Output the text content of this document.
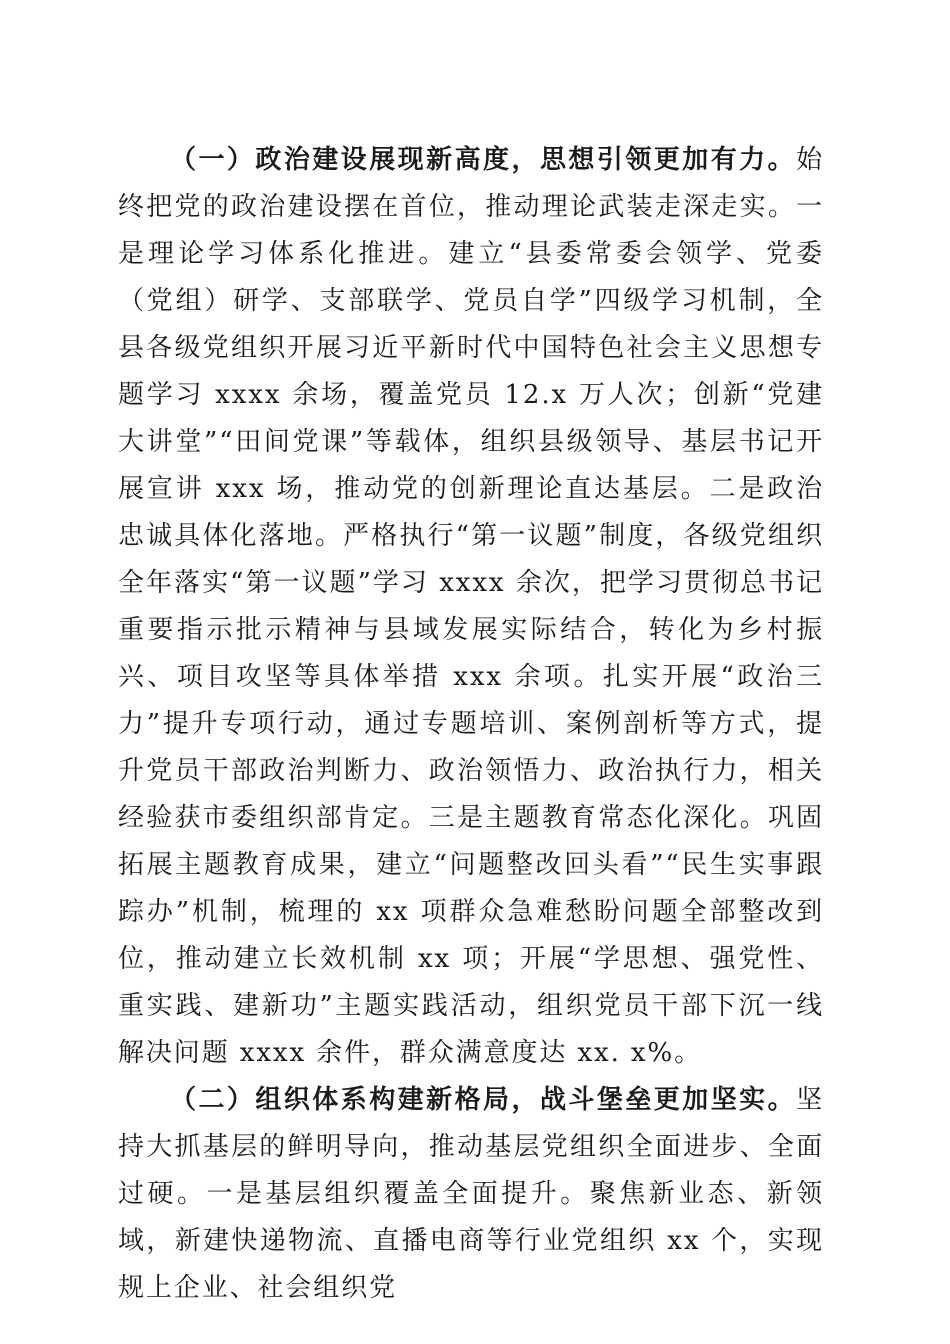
（一）政治建设展现新高度，思想引领更加有力。始终把党的政治建设摆在首位，推动理论武装走深走实。一是理论学习体系化推进。建立“县委常委会领学、党委（党组）研学、支部联学、党员自学”四级学习机制，全县各级党组织开展习近平新时代中国特色社会主义思想专题学习 xxxx 余场，覆盖党员 12.x 万人次；创新“党建大讲堂”“田间党课”等载体，组织县级领导、基层书记开展宣讲 xxx 场，推动党的创新理论直达基层。二是政治忠诚具体化落地。严格执行“第一议题”制度，各级党组织全年落实“第一议题”学习 xxxx 余次，把学习贯彻总书记重要指示批示精神与县域发展实际结合，转化为乡村振兴、项目攻坚等具体举措 xxx 余项。扎实开展“政治三力”提升专项行动，通过专题培训、案例剖析等方式，提升党员干部政治判断力、政治领悟力、政治执行力，相关经验获市委组织部肯定。三是主题教育常态化深化。巩固拓展主题教育成果，建立“问题整改回头看”“民生实事跟踪办”机制，梳理的 xx 项群众急难愁盼问题全部整改到位，推动建立长效机制 xx 项；开展“学思想、强党性、重实践、建新功”主题实践活动，组织党员干部下沉一线解决问题 xxxx 余件，群众满意度达 xx. x%。

（二）组织体系构建新格局，战斗堡垒更加坚实。坚持大抓基层的鲜明导向，推动基层党组织全面进步、全面过硬。一是基层组织覆盖全面提升。聚焦新业态、新领域，新建快递物流、直播电商等行业党组织 xx 个，实现规上企业、社会组织党
